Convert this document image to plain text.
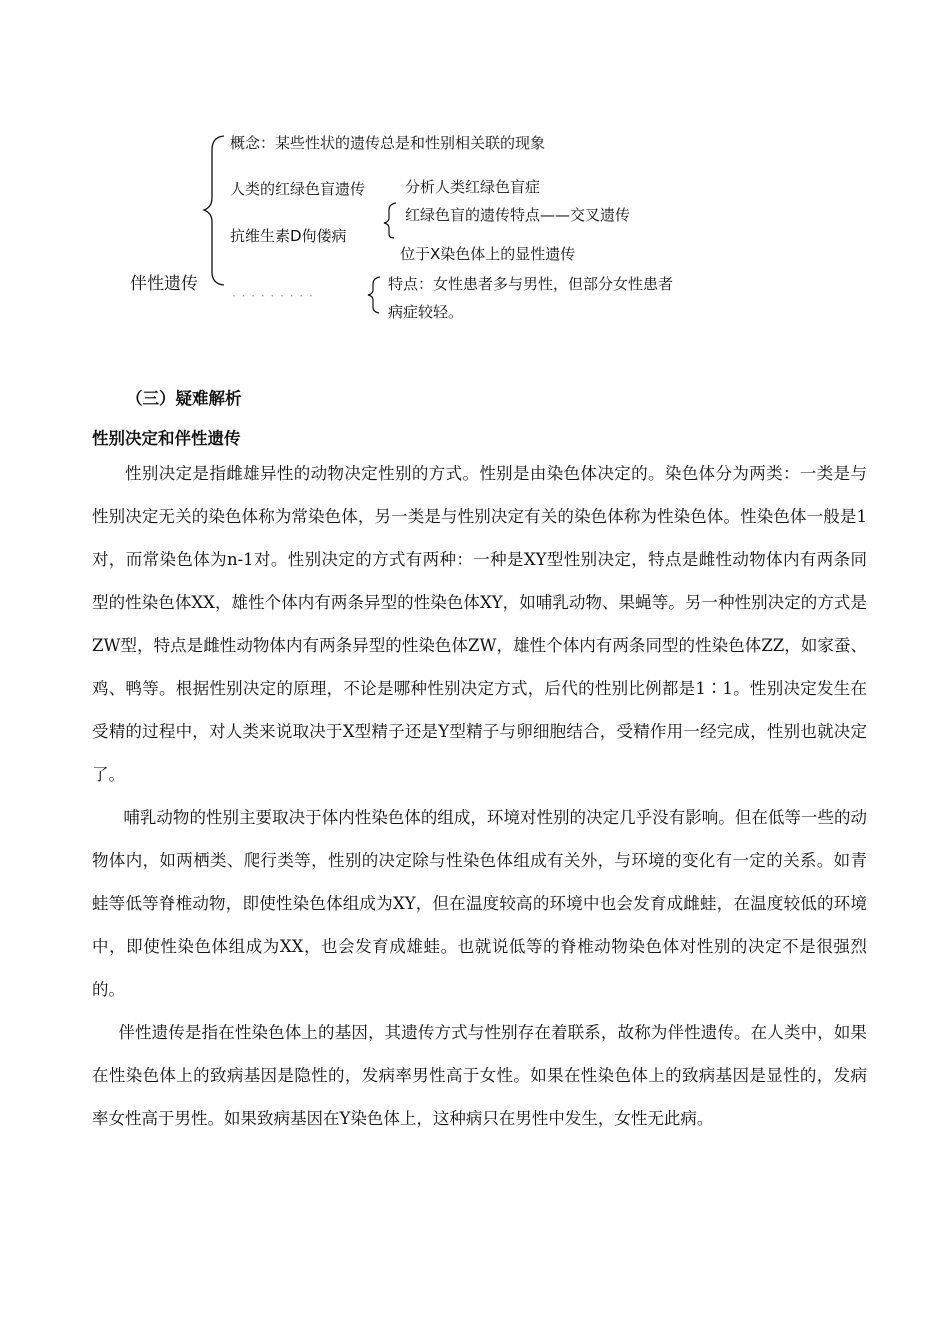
概念：某些性状的遗传总是和性别相关联的现象
人类的红绿色盲遗传	分析人类红绿色盲症
红绿色盲的遗传特点——交叉遗传
抗维生素D佝偻病
位于X染色体上的显性遗传
伴性遗传
· · · · · · · · ·
特点：女性患者多与男性，但部分女性患者
病症较轻。
（三）疑难解析
性别决定和伴性遗传

性别决定是指雌雄异性的动物决定性别的方式。性别是由染色体决定的。染色体分为两类：一类是与性别决定无关的染色体称为常染色体，另一类是与性别决定有关的染色体称为性染色体。性染色体一般是1对，而常染色体为n-1对。性别决定的方式有两种：一种是XY型性别决定，特点是雌性动物体内有两条同型的性染色体XX，雄性个体内有两条异型的性染色体XY，如哺乳动物、果蝇等。另一种性别决定的方式是ZW型，特点是雌性动物体内有两条异型的性染色体ZW，雄性个体内有两条同型的性染色体ZZ，如家蚕、鸡、鸭等。根据性别决定的原理，不论是哪种性别决定方式，后代的性别比例都是1∶1。性别决定发生在受精的过程中，对人类来说取决于X型精子还是Y型精子与卵细胞结合，受精作用一经完成，性别也就决定了。

哺乳动物的性别主要取决于体内性染色体的组成，环境对性别的决定几乎没有影响。但在低等一些的动物体内，如两栖类、爬行类等，性别的决定除与性染色体组成有关外，与环境的变化有一定的关系。如青蛙等低等脊椎动物，即使性染色体组成为XY，但在温度较高的环境中也会发育成雌蛙，在温度较低的环境中，即使性染色体组成为XX，也会发育成雄蛙。也就说低等的脊椎动物染色体对性别的决定不是很强烈的。

伴性遗传是指在性染色体上的基因，其遗传方式与性别存在着联系，故称为伴性遗传。在人类中，如果在性染色体上的致病基因是隐性的，发病率男性高于女性。如果在性染色体上的致病基因是显性的，发病率女性高于男性。如果致病基因在Y染色体上，这种病只在男性中发生，女性无此病。
